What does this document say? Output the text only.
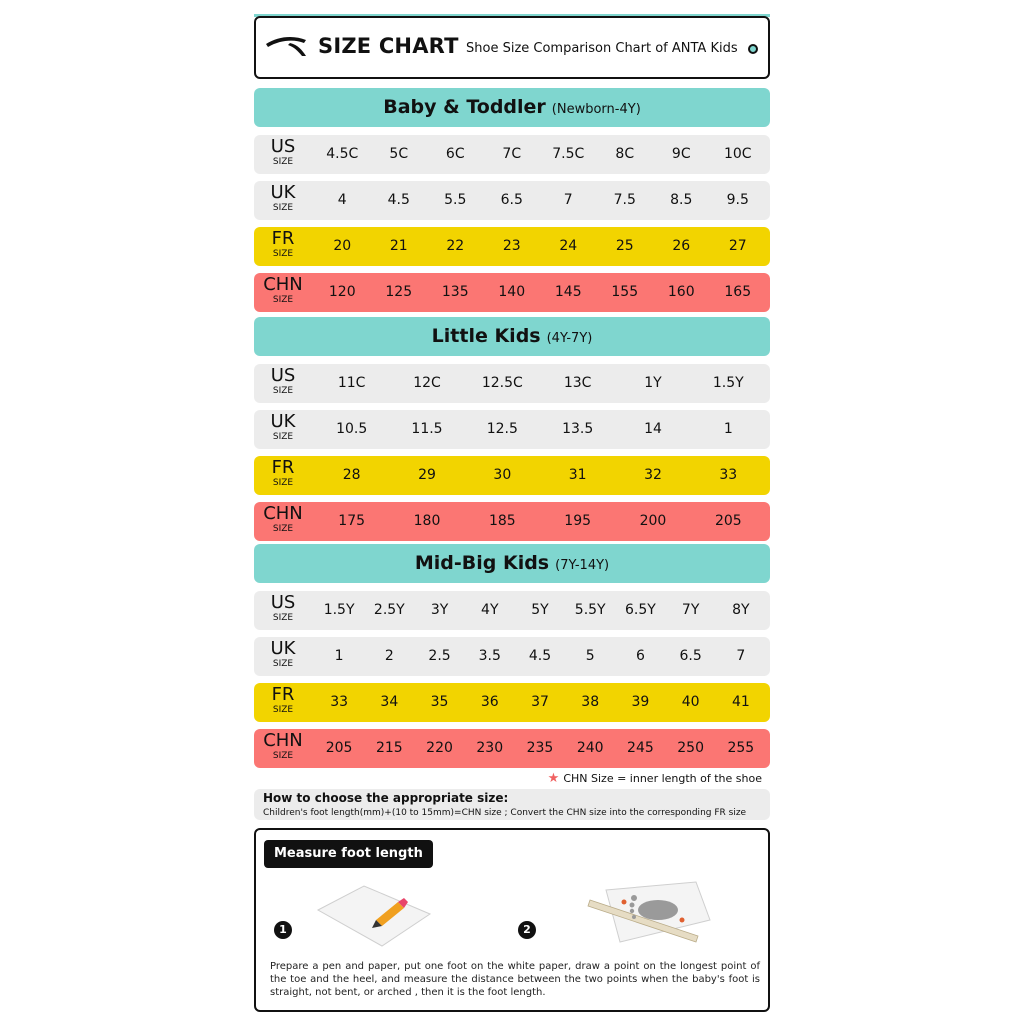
SIZE CHART Shoe Size Comparison Chart of ANTA Kids
Baby & Toddler (Newborn-4Y)
US
SIZE	4.5C	5C	6C	7C	7.5C	8C	9C	10C
UK
SIZE	4	4.5	5.5	6.5	7	7.5	8.5	9.5
FR
SIZE	20	21	22	23	24	25	26	27
CHN
SIZE	120	125	135	140	145	155	160	165
Little Kids (4Y-7Y)
US
SIZE	11C	12C	12.5C	13C	1Y	1.5Y
UK
SIZE	10.5	11.5	12.5	13.5	14	1
FR
SIZE	28	29	30	31	32	33
CHN
SIZE	175	180	185	195	200	205
Mid-Big Kids (7Y-14Y)
US
SIZE	1.5Y	2.5Y	3Y	4Y	5Y	5.5Y	6.5Y	7Y	8Y
UK
SIZE	1	2	2.5	3.5	4.5	5	6	6.5	7
FR
SIZE	33	34	35	36	37	38	39	40	41
CHN
SIZE	205	215	220	230	235	240	245	250	255
★ CHN Size = inner length of the shoe
How to choose the appropriate size:
Children's foot length(mm)+(10 to 15mm)=CHN size ; Convert the CHN size into the corresponding FR size
Measure foot length
1	2
Prepare a pen and paper, put one foot on the white paper, draw a point on the longest point of the toe and the heel, and measure the distance between the two points when the baby's foot is straight, not bent, or arched , then it is the foot length.
